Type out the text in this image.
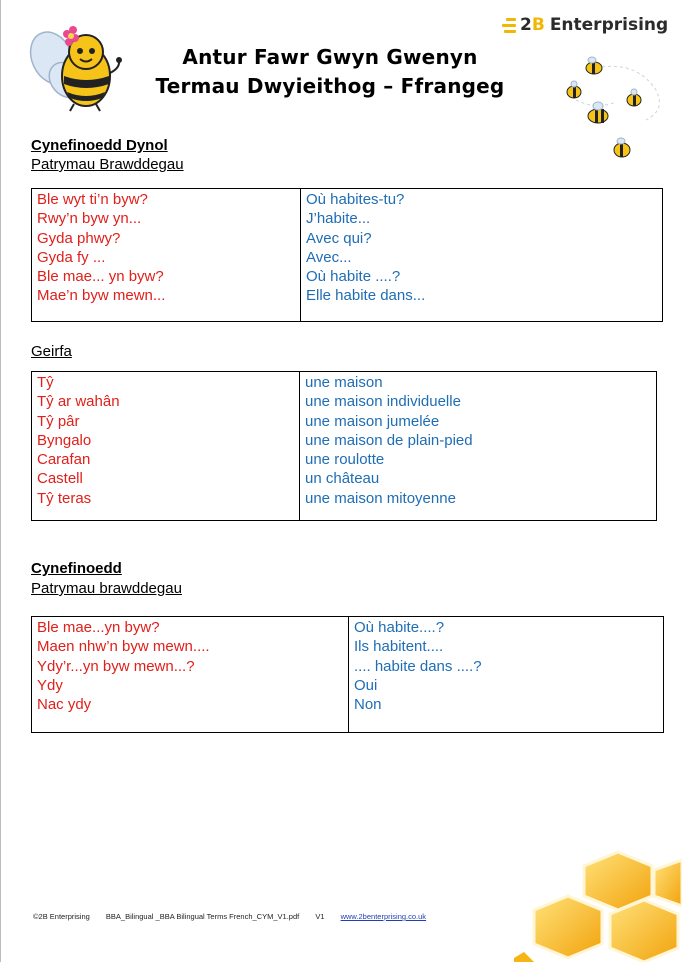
Antur Fawr Gwyn Gwenyn
Termau Dwyieithog – Ffrangeg
2 B Enterprising
Cynefinoedd Dynol
Patrymau Brawddegau
Ble wyt ti’n byw?
Rwy’n byw yn...
Gyda phwy?
Gyda fy ...
Ble mae... yn byw?
Mae’n byw mewn...
Où habites-tu?
J’habite...
Avec qui?
Avec...
Où habite ....?
Elle habite dans...
Geirfa
Tŷ
Tŷ ar wahân
Tŷ pâr
Byngalo
Carafan
Castell
Tŷ teras
une maison
une maison individuelle
une maison jumelée
une maison de plain-pied
une roulotte
un château
une maison mitoyenne
Cynefinoedd
Patrymau brawddegau
Ble mae...yn byw?
Maen nhw’n byw mewn....
Ydy’r...yn byw mewn...?
Ydy
Nac ydy
Où habite....?
Ils habitent....
.... habite dans ....?
Oui
Non
©2B Enterprising BBA_Bilingual _BBA Bilingual Terms French_CYM_V1.pdf V1 www.2benterprising.co.uk
